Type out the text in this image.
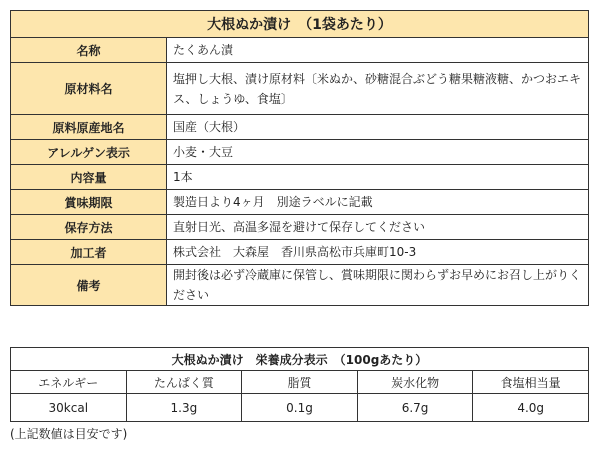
大根ぬか漬け　（1袋あたり）	
名称	たくあん漬
原材料名	塩押し大根、漬け原材料〔米ぬか、砂糖混合ぶどう糖果糖液糖、かつおエキス、しょうゆ、食塩〕
原料原産地名	国産（大根）
アレルゲン表示	小麦・大豆
内容量	1本
賞味期限	製造日より4ヶ月　別途ラベルに記載
保存方法	直射日光、高温多湿を避けて保存してください
加工者	株式会社　大森屋　香川県高松市兵庫町10-3
備考	開封後は必ず冷蔵庫に保管し、賞味期限に関わらずお早めにお召し上がりください
大根ぬか漬け　栄養成分表示　（100gあたり）				
エネルギー	たんぱく質	脂質	炭水化物	食塩相当量
30kcal	1.3g	0.1g	6.7g	4.0g
(上記数値は目安です)
